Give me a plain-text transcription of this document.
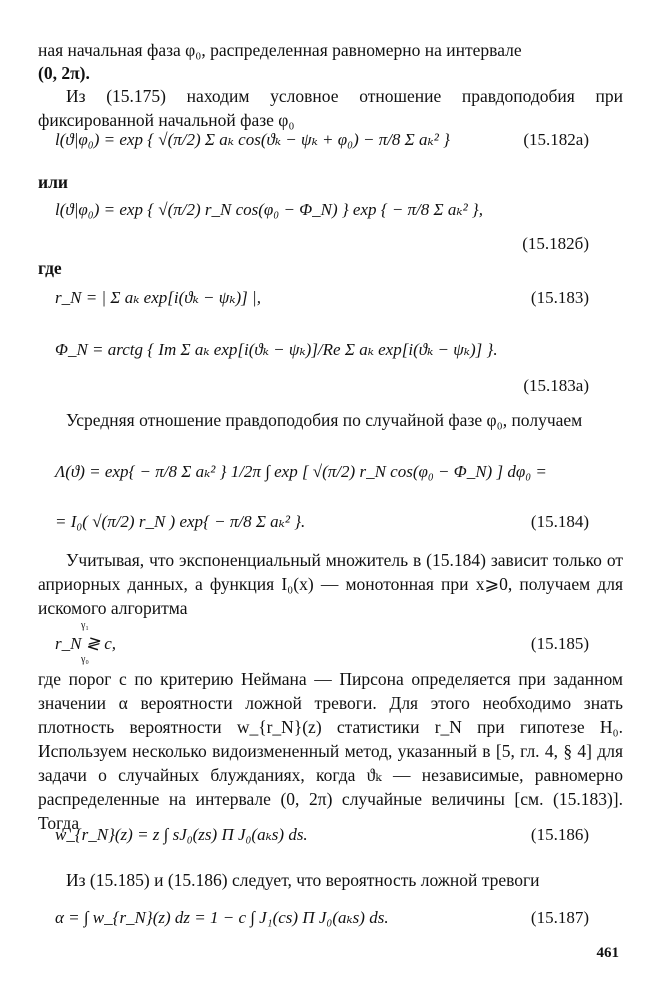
ная начальная фаза φ₀, распределенная равномерно на интервале
(0, 2π).
Из (15.175) находим условное отношение правдоподобия при фиксированной начальной фазе φ₀
l(ϑ|φ₀) = exp { √(π/2) Σ aₖ cos(ϑₖ − ψₖ + φ₀) − π/8 Σ aₖ² }	(15.182a)
или
l(ϑ|φ₀) = exp { √(π/2) r_N cos(φ₀ − Φ_N) } exp { − π/8 Σ aₖ² },
(15.182б)
где
r_N = | Σ aₖ exp[i(ϑₖ − ψₖ)] |,	(15.183)
Φ_N = arctg { Im Σ aₖ exp[i(ϑₖ − ψₖ)]/Re Σ aₖ exp[i(ϑₖ − ψₖ)] }.
(15.183a)
Усредняя отношение правдоподобия по случайной фазе φ₀, получаем
Λ(ϑ) = exp{ − π/8 Σ aₖ² } 1/2π ∫ exp [ √(π/2) r_N cos(φ₀ − Φ_N) ] dφ₀ =
= I₀( √(π/2) r_N ) exp{ − π/8 Σ aₖ² }.	(15.184)
Учитывая, что экспоненциальный множитель в (15.184) зависит только от априорных данных, а функция I₀(x) — монотонная при x⩾0, получаем для искомого алгоритма
γ₁
r_N ≷ c,
γ₀
(15.185)
где порог c по критерию Неймана — Пирсона определяется при заданном значении α вероятности ложной тревоги. Для этого необходимо знать плотность вероятности w_{r_N}(z) статистики r_N при гипотезе H₀. Используем несколько видоизмененный метод, указанный в [5, гл. 4, § 4] для задачи о случайных блужданиях, когда ϑₖ — независимые, равномерно распределенные на интервале (0, 2π) случайные величины [см. (15.183)]. Тогда
w_{r_N}(z) = z ∫ sJ₀(zs) Π J₀(aₖs) ds.	(15.186)
Из (15.185) и (15.186) следует, что вероятность ложной тревоги
α = ∫ w_{r_N}(z) dz = 1 − c ∫ J₁(cs) Π J₀(aₖs) ds.	(15.187)
461
